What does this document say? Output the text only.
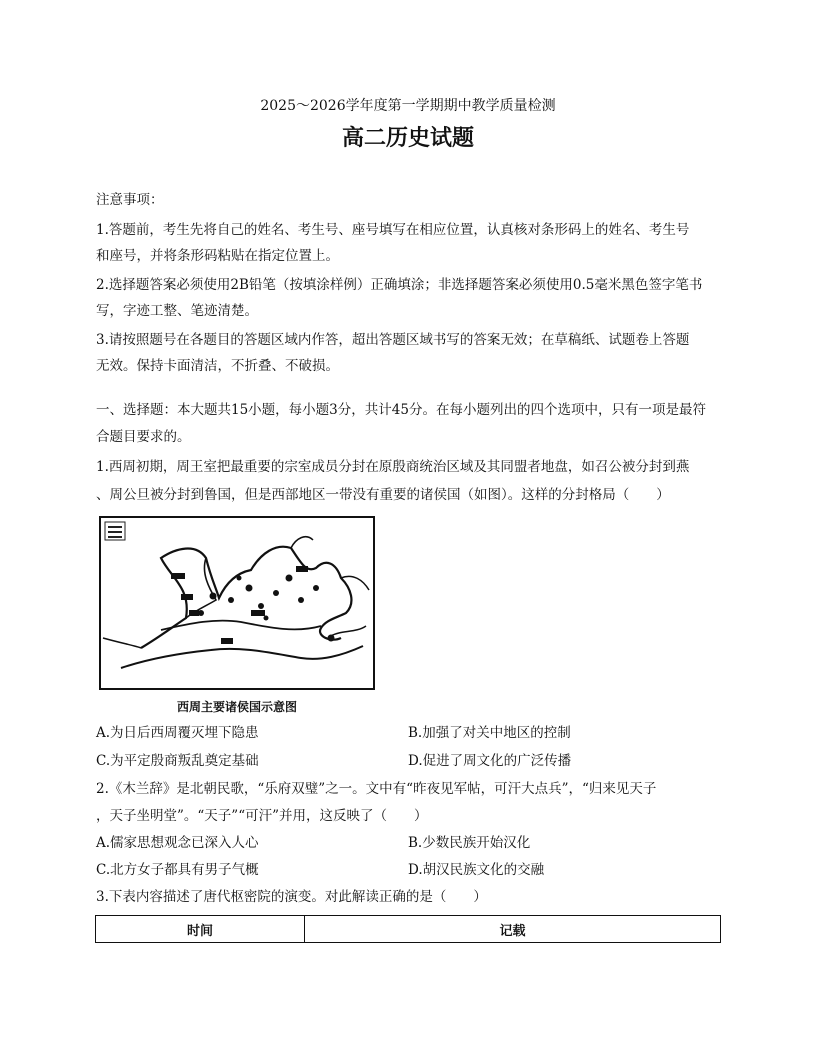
2025～2026学年度第一学期期中教学质量检测
高二历史试题
注意事项：
1.答题前，考生先将自己的姓名、考生号、座号填写在相应位置，认真核对条形码上的姓名、考生号
和座号，并将条形码粘贴在指定位置上。
2.选择题答案必须使用2B铅笔（按填涂样例）正确填涂；非选择题答案必须使用0.5毫米黑色签字笔书
写，字迹工整、笔迹清楚。
3.请按照题号在各题目的答题区域内作答，超出答题区域书写的答案无效；在草稿纸、试题卷上答题
无效。保持卡面清洁，不折叠、不破损。
一、选择题：本大题共15小题，每小题3分，共计45分。在每小题列出的四个选项中，只有一项是最符
合题目要求的。
1.西周初期，周王室把最重要的宗室成员分封在原殷商统治区域及其同盟者地盘，如召公被分封到燕
、周公旦被分封到鲁国，但是西部地区一带没有重要的诸侯国（如图）。这样的分封格局（　　）
西周主要诸侯国示意图
A.为日后西周覆灭埋下隐患	B.加强了对关中地区的控制
C.为平定殷商叛乱奠定基础	D.促进了周文化的广泛传播
2.《木兰辞》是北朝民歌，“乐府双璧”之一。文中有“昨夜见军帖，可汗大点兵”，“归来见天子
，天子坐明堂”。“天子”“可汗”并用，这反映了（　　）
A.儒家思想观念已深入人心	B.少数民族开始汉化
C.北方女子都具有男子气概	D.胡汉民族文化的交融
3.下表内容描述了唐代枢密院的演变。对此解读正确的是（　　）
时间	记载
